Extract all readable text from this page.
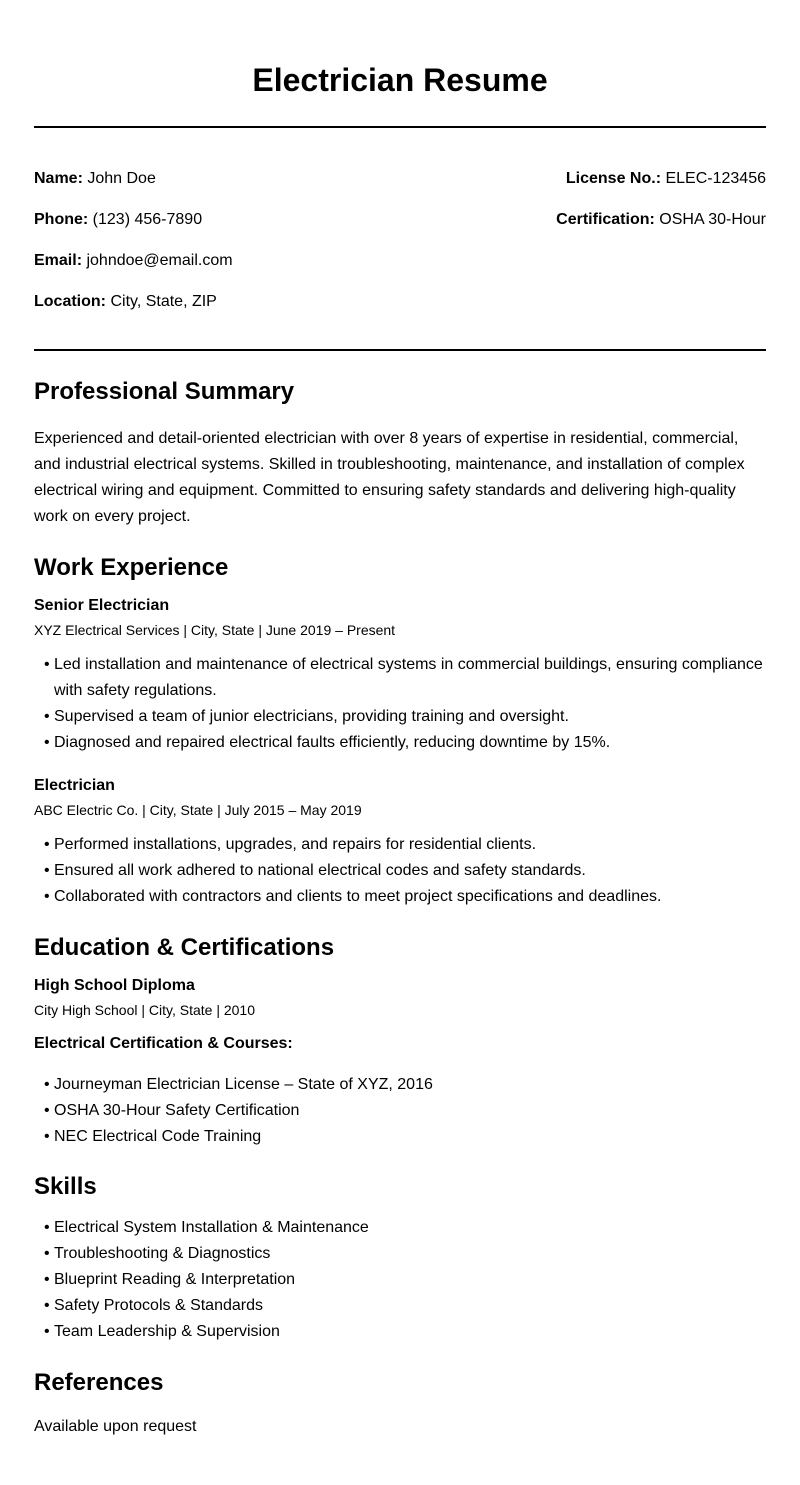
Electrician Resume
Name: John Doe
Phone: (123) 456-7890
Email: johndoe@email.com
Location: City, State, ZIP
License No.: ELEC-123456
Certification: OSHA 30-Hour
Professional Summary

Experienced and detail-oriented electrician with over 8 years of expertise in residential, commercial, and industrial electrical systems. Skilled in troubleshooting, maintenance, and installation of complex electrical wiring and equipment. Committed to ensuring safety standards and delivering high-quality work on every project.

Work Experience
Senior Electrician
XYZ Electrical Services | City, State | June 2019 – Present
• Led installation and maintenance of electrical systems in commercial buildings, ensuring compliance with safety regulations.
• Supervised a team of junior electricians, providing training and oversight.
• Diagnosed and repaired electrical faults efficiently, reducing downtime by 15%.
Electrician
ABC Electric Co. | City, State | July 2015 – May 2019
• Performed installations, upgrades, and repairs for residential clients.
• Ensured all work adhered to national electrical codes and safety standards.
• Collaborated with contractors and clients to meet project specifications and deadlines.
Education & Certifications
High School Diploma
City High School | City, State | 2010
Electrical Certification & Courses:
• Journeyman Electrician License – State of XYZ, 2016
• OSHA 30-Hour Safety Certification
• NEC Electrical Code Training
Skills
• Electrical System Installation & Maintenance
• Troubleshooting & Diagnostics
• Blueprint Reading & Interpretation
• Safety Protocols & Standards
• Team Leadership & Supervision
References
Available upon request
